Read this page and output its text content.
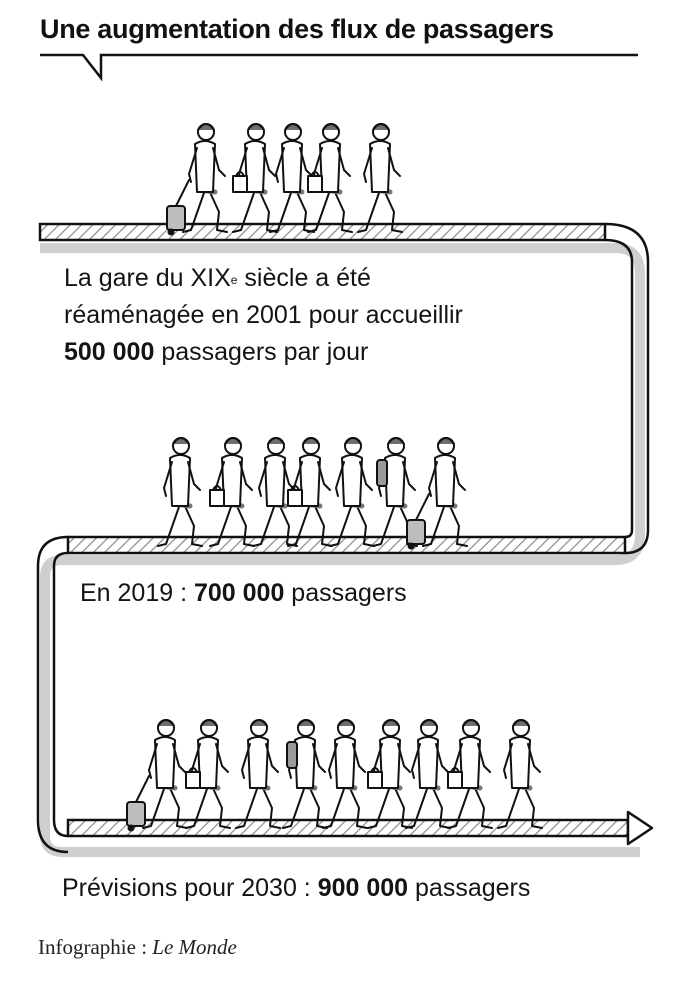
Une augmentation des flux de passagers
La gare du XIXe siècle a été
réaménagée en 2001 pour accueillir
500 000 passagers par jour
En 2019 : 700 000 passagers
Prévisions pour 2030 : 900 000 passagers
Infographie : Le Monde
